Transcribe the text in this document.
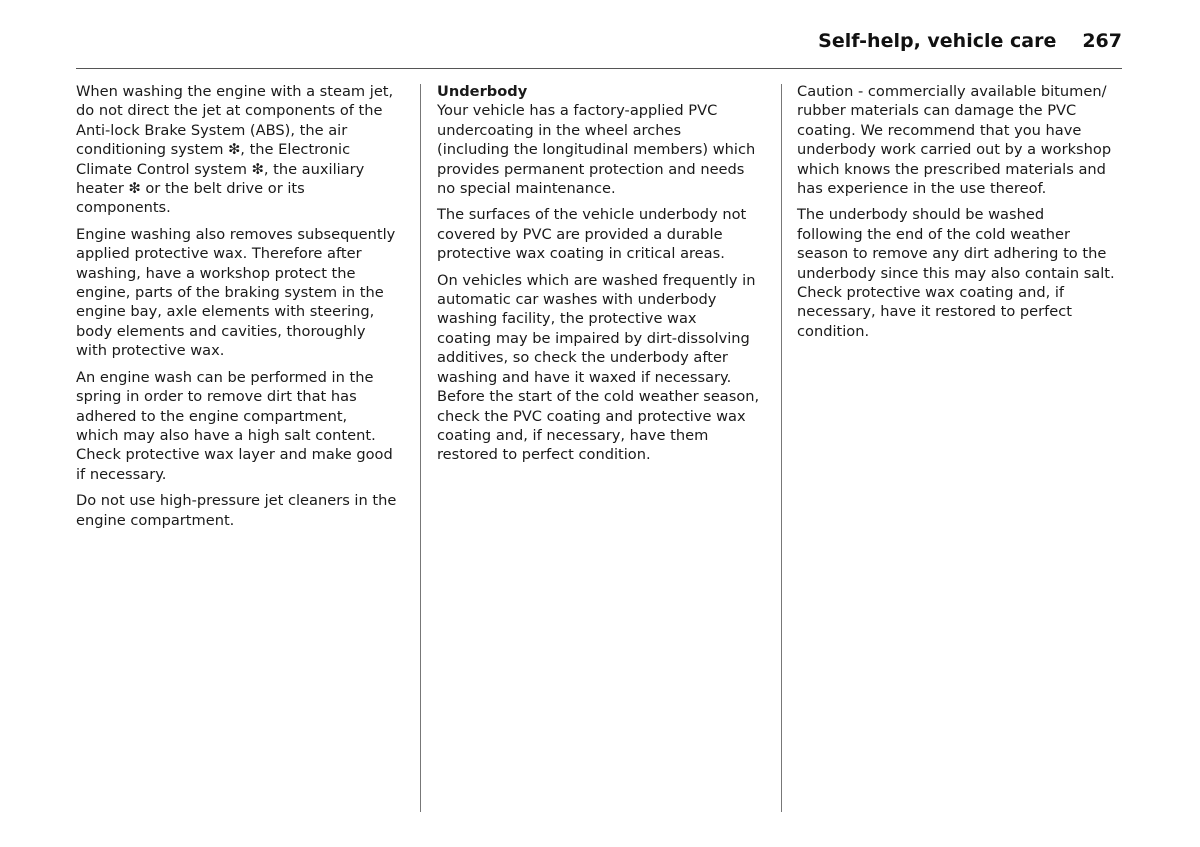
Self-help, vehicle care 267

When washing the engine with a steam jet,
do not direct the jet at components of the
Anti-lock Brake System (ABS), the air
conditioning system ❇, the Electronic
Climate Control system ❇, the auxiliary
heater ❇ or the belt drive or its
components.

Engine washing also removes subsequently
applied protective wax. Therefore after
washing, have a workshop protect the
engine, parts of the braking system in the
engine bay, axle elements with steering,
body elements and cavities, thoroughly
with protective wax.

An engine wash can be performed in the
spring in order to remove dirt that has
adhered to the engine compartment,
which may also have a high salt content.
Check protective wax layer and make good
if necessary.

Do not use high-pressure jet cleaners in the
engine compartment.

Underbody
Your vehicle has a factory-applied PVC
undercoating in the wheel arches
(including the longitudinal members) which
provides permanent protection and needs
no special maintenance.

The surfaces of the vehicle underbody not
covered by PVC are provided a durable
protective wax coating in critical areas.

On vehicles which are washed frequently in
automatic car washes with underbody
washing facility, the protective wax
coating may be impaired by dirt-dissolving
additives, so check the underbody after
washing and have it waxed if necessary.
Before the start of the cold weather season,
check the PVC coating and protective wax
coating and, if necessary, have them
restored to perfect condition.

Caution - commercially available bitumen/
rubber materials can damage the PVC
coating. We recommend that you have
underbody work carried out by a workshop
which knows the prescribed materials and
has experience in the use thereof.

The underbody should be washed
following the end of the cold weather
season to remove any dirt adhering to the
underbody since this may also contain salt.
Check protective wax coating and, if
necessary, have it restored to perfect
condition.
